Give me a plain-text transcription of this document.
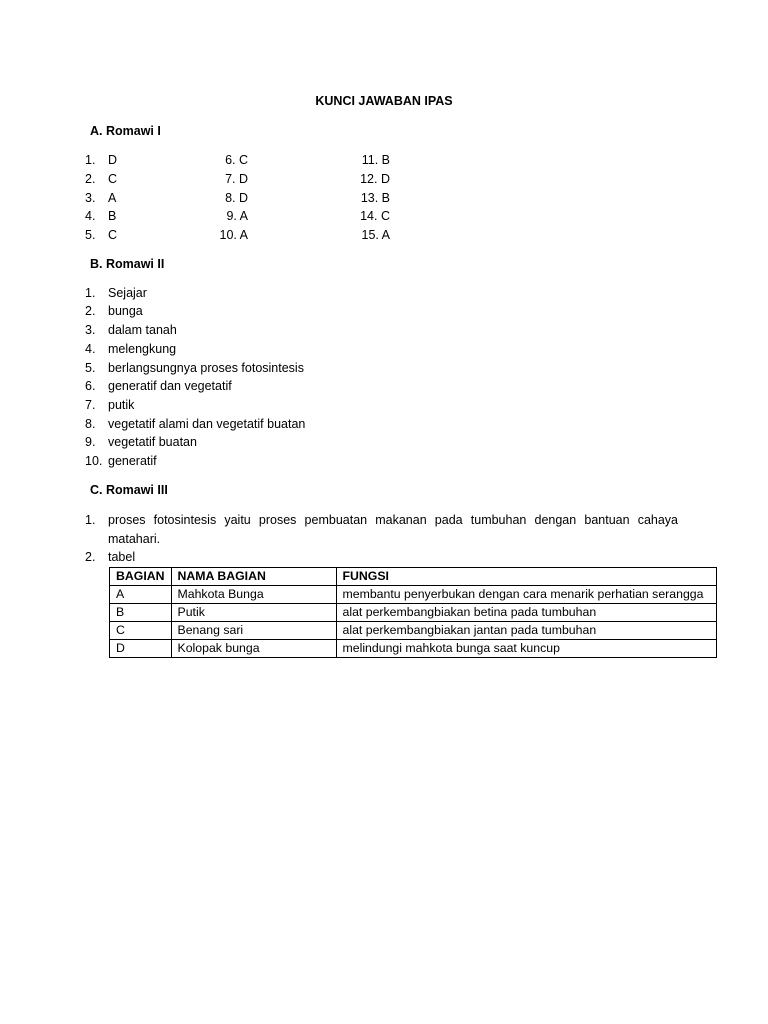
KUNCI JAWABAN IPAS
A. Romawi I
1. D	6. C	11. B
2. C	7. D	12. D
3. A	8. D	13. B
4. B	9. A	14. C
5. C	10. A	15. A
B. Romawi II
1. Sejajar
2. bunga
3. dalam tanah
4. melengkung
5. berlangsungnya proses fotosintesis
6. generatif dan vegetatif
7. putik
8. vegetatif alami dan vegetatif buatan
9. vegetatif buatan
10. generatif
C. Romawi III
1. proses fotosintesis yaitu proses pembuatan makanan pada tumbuhan dengan bantuan cahaya matahari.
2. tabel
BAGIAN	NAMA BAGIAN	FUNGSI
A	Mahkota Bunga	membantu penyerbukan dengan cara menarik perhatian serangga
B	Putik	alat perkembangbiakan betina pada tumbuhan
C	Benang sari	alat perkembangbiakan jantan pada tumbuhan
D	Kolopak bunga	melindungi mahkota bunga saat kuncup
